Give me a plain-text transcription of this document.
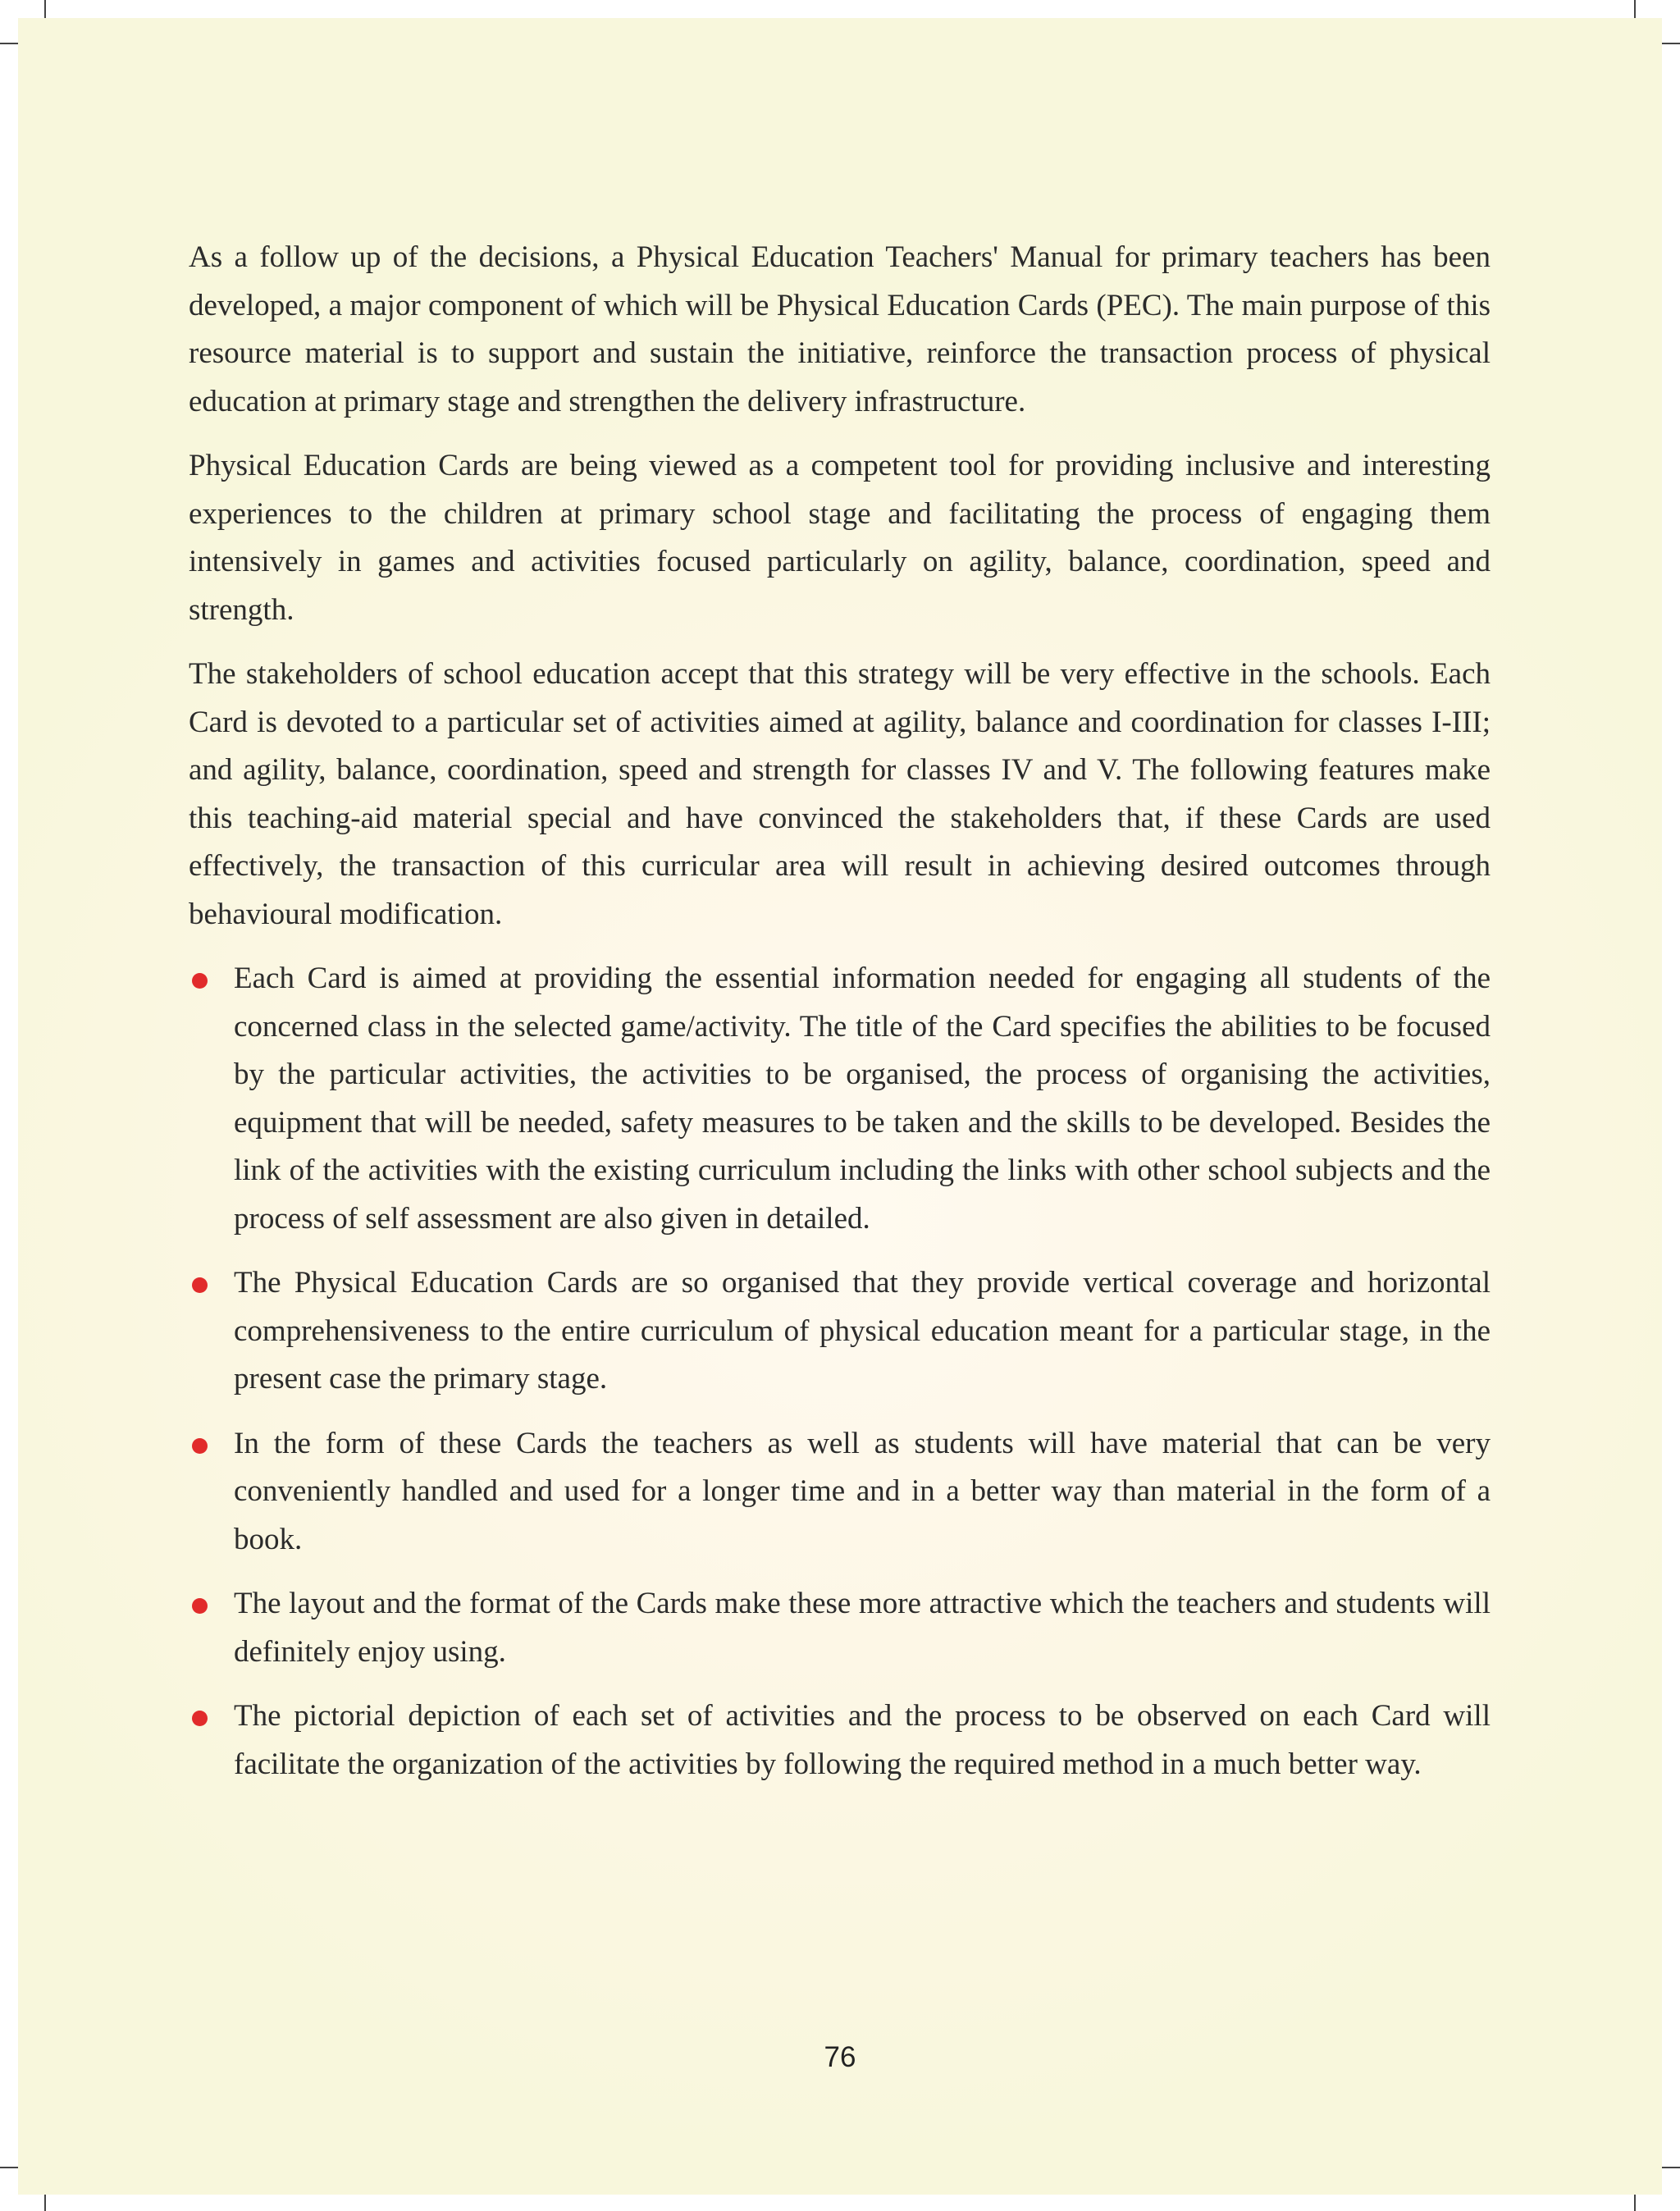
As a follow up of the decisions, a Physical Education Teachers' Manual for primary teachers has been developed, a major component of which will be Physical Education Cards (PEC). The main purpose of this resource material is to support and sustain the initiative, reinforce the transaction process of physical education at primary stage and strengthen the delivery infrastructure.

Physical Education Cards are being viewed as a competent tool for providing inclusive and interesting experiences to the children at primary school stage and facilitating the process of engaging them intensively in games and activities focused particularly on agility, balance, coordination, speed and strength.

The stakeholders of school education accept that this strategy will be very effective in the schools. Each Card is devoted to a particular set of activities aimed at agility, balance and coordination for classes I-III; and agility, balance, coordination, speed and strength for classes IV and V. The following features make this teaching-aid material special and have convinced the stakeholders that, if these Cards are used effectively, the transaction of this curricular area will result in achieving desired outcomes through behavioural modification.

Each Card is aimed at providing the essential information needed for engaging all students of the concerned class in the selected game/activity. The title of the Card specifies the abilities to be focused by the particular activities, the activities to be organised, the process of organising the activities, equipment that will be needed, safety measures to be taken and the skills to be developed. Besides the link of the activities with the existing curriculum including the links with other school subjects and the process of self assessment are also given in detailed.
The Physical Education Cards are so organised that they provide vertical coverage and horizontal comprehensiveness to the entire curriculum of physical education meant for a particular stage, in the present case the primary stage.
In the form of these Cards the teachers as well as students will have material that can be very conveniently handled and used for a longer time and in a better way than material in the form of a book.
The layout and the format of the Cards make these more attractive which the teachers and students will definitely enjoy using.
The pictorial depiction of each set of activities and the process to be observed on each Card will facilitate the organization of the activities by following the required method in a much better way.
76
